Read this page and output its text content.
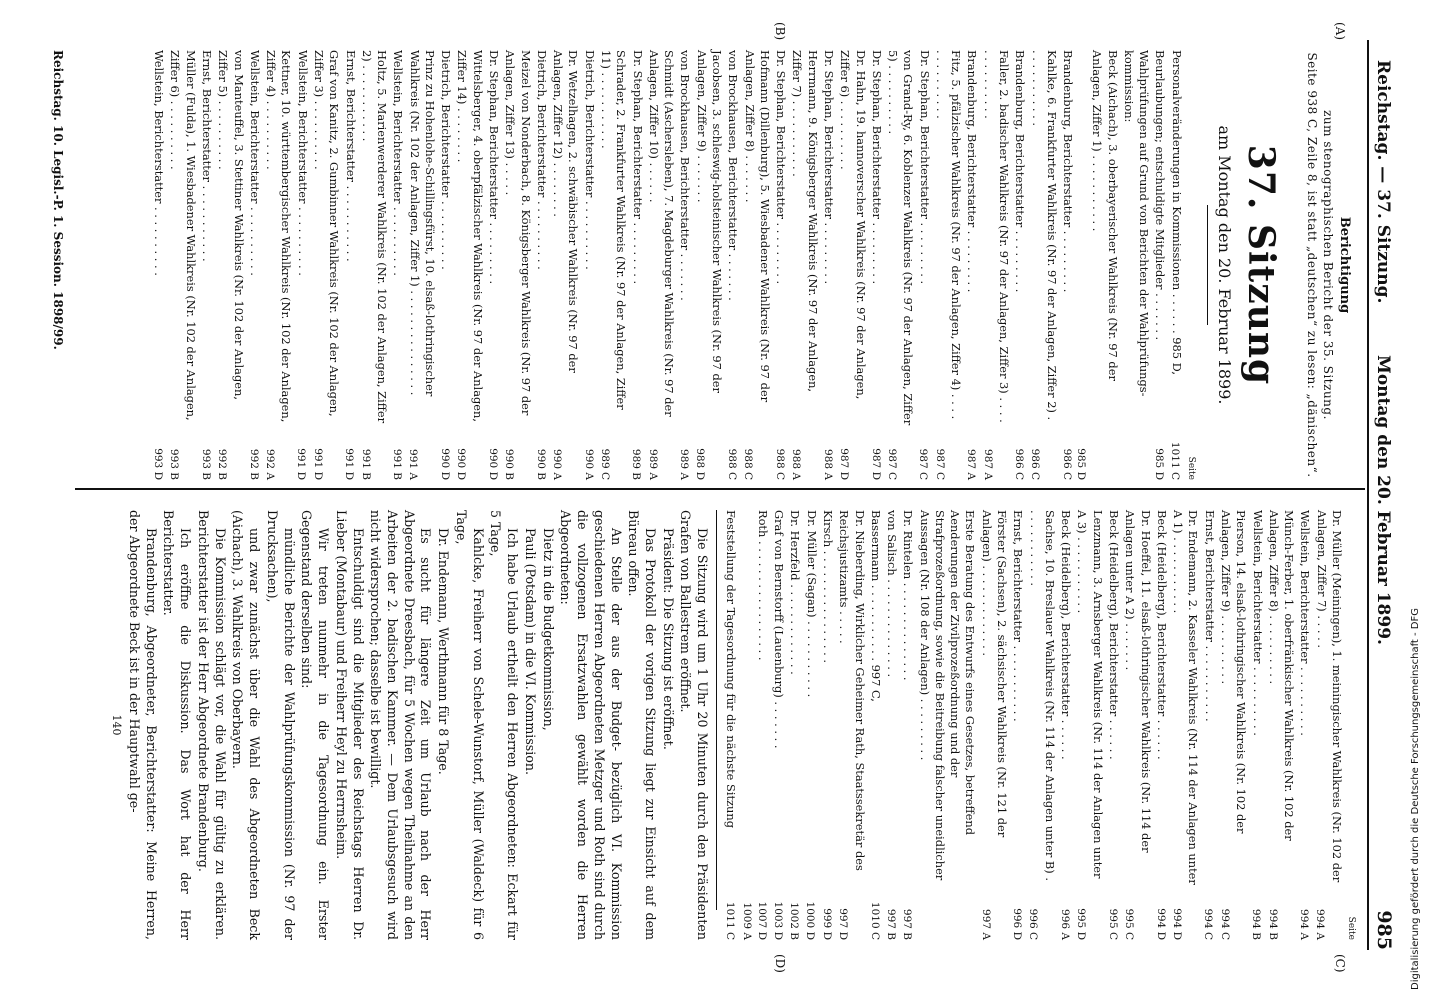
Reichstag. — 37. Sitzung.
Montag den 20. Februar 1899.
985
(A)
(B)
(C)
(D)
Berichtigung
zum stenographischen Bericht der 35. Sitzung.
Seite 938 C, Zeile 8, ist statt „deutschen“ zu lesen: „dänischen“.
37. Sitzung
am Montag den 20. Februar 1899.
Seite
Personalveränderungen in Kommissionen . . . . . . 985 D,
1011 C
Beurlaubungen; entschuldigte Mitglieder . . . . . . .
985 D
Wahlprüfungen auf Grund von Berichten der Wahlprüfungs-kommission:
Beck (Aichach), 3. oberbayerischer Wahlkreis (Nr. 97 der Anlagen, Ziffer 1) . . . . . . . . . . .
Brandenburg, Berichterstatter . . . . . . . . .
985 D
986 C
Kahlke, 6. Frankfurter Wahlkreis (Nr. 97 der Anlagen, Ziffer 2) . . . . . . . . . . . .
986 C
Brandenburg, Berichterstatter . . . . . . . . .
986 C
Faller, 2. badischer Wahlkreis (Nr. 97 der Anlagen, Ziffer 3) . . . . . . . . . . . . . .
987 A
Brandenburg, Berichterstatter . . . . . . . . .
987 A
Fitz, 5. pfälzischer Wahlkreis (Nr. 97 der Anlagen, Ziffer 4) . . . . . . . . . . . . . .
987 C
Dr. Stephan, Berichterstatter . . . . . . . . .
987 C
von Grand-Ry, 6. Koblenzer Wahlkreis (Nr. 97 der Anlagen, Ziffer 5) . . . . . . . . . .
987 C
Dr. Stephan, Berichterstatter . . . . . . . . .
987 D
Dr. Hahn, 19. hannoverscher Wahlkreis (Nr. 97 der Anlagen, Ziffer 6) . . . . . . . . . .
987 D
Dr. Stephan, Berichterstatter . . . . . . . . .
988 A
Herrmann, 9. Königsberger Wahlkreis (Nr. 97 der Anlagen, Ziffer 7) . . . . . . . . . . .
988 A
Dr. Stephan, Berichterstatter . . . . . . . . .
988 C
Hofmann (Dillenburg), 5. Wiesbadener Wahlkreis (Nr. 97 der Anlagen, Ziffer 8) . . . . . . .
988 C
von Brockhausen, Berichterstatter . . . . . . .
988 C
Jacobsen, 3. schleswig-holsteinischer Wahlkreis (Nr. 97 der Anlagen, Ziffer 9) . . . . . . .
988 D
von Brockhausen, Berichterstatter . . . . . . .
989 A
Schmidt (Aschersleben), 7. Magdeburger Wahlkreis (Nr. 97 der Anlagen, Ziffer 10) . . . . . .
989 A
Dr. Stephan, Berichterstatter . . . . . . . . .
989 B
Schrader, 2. Frankfurter Wahlkreis (Nr. 97 der Anlagen, Ziffer 11) . . . . . . . . . . .
989 C
Dietrich, Berichterstatter . . . . . . . . . .
990 A
Dr. Wetzelhagen, 2. schwäbischer Wahlkreis (Nr. 97 der Anlagen, Ziffer 12) . . . . . . . .
990 A
Dietrich, Berichterstatter . . . . . . . . . .
990 B
Meizel von Nonderbach, 8. Königsberger Wahlkreis (Nr. 97 der Anlagen, Ziffer 13) . . . . .
990 B
Dr. Stephan, Berichterstatter . . . . . . . . .
990 D
Wittelsberger, 4. oberpfälzischer Wahlkreis (Nr. 97 der Anlagen, Ziffer 14) . . . . . . . .
990 D
Dietrich, Berichterstatter . . . . . . . . . .
990 D
Prinz zu Hohenlohe-Schillingsfürst, 10. elsaß-lothringischer Wahlkreis (Nr. 102 der Anlagen, Ziffer 1) . . . . . . . . . . . . . . .
991 A
Wellstein, Berichterstatter . . . . . . . . . .
991 B
Holtz, 5. Marienwerderer Wahlkreis (Nr. 102 der Anlagen, Ziffer 2) . . . . . . . . . . .
991 B
Ernst, Berichterstatter . . . . . . . . . . .
991 D
Graf von Kanitz, 2. Gumbinner Wahlkreis (Nr. 102 der Anlagen, Ziffer 3) . . . . . . . . . .
991 D
Wellstein, Berichterstatter . . . . . . . . . .
991 D
Kettner, 10. württembergischer Wahlkreis (Nr. 102 der Anlagen, Ziffer 4) . . . . . . . . . .
992 A
Wellstein, Berichterstatter . . . . . . . . . .
992 B
von Manteuffel, 3. Stettiner Wahlkreis (Nr. 102 der Anlagen, Ziffer 5) . . . . . . . . . .
992 B
Ernst, Berichterstatter . . . . . . . . . . .
993 B
Müller (Fulda), 1. Wiesbadener Wahlkreis (Nr. 102 der Anlagen, Ziffer 6) . . . . . . . . . .
993 B
Wellstein, Berichterstatter . . . . . . . . . .
993 D
Seite
Dr. Müller (Meiningen), 1. meiningischer Wahlkreis (Nr. 102 der Anlagen, Ziffer 7) . . . . .
994 A
Wellstein, Berichterstatter . . . . . . . . . .
994 A
Münch-Ferber, 1. oberfränkischer Wahlkreis (Nr. 102 der Anlagen, Ziffer 8) . . . . . . . . . .
994 B
Wellstein, Berichterstatter . . . . . . . . . .
994 B
Pierson, 14. elsaß-lothringischer Wahlkreis (Nr. 102 der Anlagen, Ziffer 9) . . . . . . . . . .
994 C
Ernst, Berichterstatter . . . . . . . . . . .
994 C
Dr. Endemann, 2. Kasseler Wahlkreis (Nr. 114 der Anlagen unter A 1) . . . . . . . . . . .
994 D
Beck (Heidelberg), Berichterstatter . . . . . .
994 D
Dr. Hoeffel, 11. elsaß-lothringischer Wahlkreis (Nr. 114 der Anlagen unter A 2) . . . . . . .
995 C
Beck (Heidelberg), Berichterstatter . . . . . .
995 C
Lenzmann, 3. Arnsberger Wahlkreis (Nr. 114 der Anlagen unter A 3) . . . . . . . . . . .
995 D
Beck (Heidelberg), Berichterstatter . . . . . .
996 A
Sachse, 10. Breslauer Wahlkreis (Nr. 114 der Anlagen unter B) . . . . . . . . . . . .
996 C
Ernst, Berichterstatter . . . . . . . . . . .
996 D
Förster (Sachsen), 2. sächsischer Wahlkreis (Nr. 121 der Anlagen) . . . . . . . . . . . . .
997 A
Erste Beratung des Entwurfs eines Gesetzes, betreffend Aenderungen der Zivilprozeßordnung und der Strafprozeßordnung, sowie die Beitreibung falscher uneidlicher Aussagen (Nr. 108 der Anlagen) . . . . . . . . .
Dr. Rintelen . . . . . . . . . . . . . .
997 B
von Salisch . . . . . . . . . . . . . .
997 B
Bassermann . . . . . . . . . . . 997 C,
1010 C
Dr. Nieberding, Wirklicher Geheimer Rath, Staatssekretär des Reichsjustizamts . . . . .
997 D
Kirsch . . . . . . . . . . . . . . . .
999 D
Dr. Müller (Sagan) . . . . . . . . . . .
1000 D
Dr. Herzfeld . . . . . . . . . . . . .
1002 B
Graf von Bernstorff (Lauenburg) . . . . . . .
1003 D
Roth . . . . . . . . . . . . . . . . .
1007 D
1009 A
Feststellung der Tagesordnung für die nächste Sitzung
1011 C
Die Sitzung wird um 1 Uhr 20 Minuten durch den Präsidenten Grafen von Ballestrem eröffnet.
Präsident: Die Sitzung ist eröffnet.
Das Protokoll der vorigen Sitzung liegt zur Einsicht auf dem Büreau offen.
An Stelle der aus der Budget- bezüglich VI. Kommission geschiedenen Herren Abgeordneten Metzger und Roth sind durch die vollzogenen Ersatzwahlen gewählt worden die Herren Abgeordneten:
Dietz in die Budgetkommission,
Pauli (Potsdam) in die VI. Kommission.
Ich habe Urlaub ertheilt den Herren Abgeordneten: Eckart für 5 Tage,
Kahlcke, Freiherr von Schele-Wunstorf, Müller (Waldeck) für 6 Tage,
Dr. Endemann, Werthmann für 8 Tage.
Es sucht für längere Zeit um Urlaub nach der Herr Abgeordnete Dreesbach, für 5 Wochen wegen Theilnahme an den Arbeiten der 2. badischen Kammer. — Dem Urlaubsgesuch wird nicht widersprochen; dasselbe ist bewilligt.
Entschuldigt sind die Mitglieder des Reichstags Herren Dr. Lieber (Montabaur) und Freiherr Heyl zu Herrnsheim.
Wir treten nunmehr in die Tagesordnung ein. Erster Gegenstand derselben sind:
mündliche Berichte der Wahlprüfungskommission (Nr. 97 der Drucksachen),
und zwar zunächst über die Wahl des Abgeordneten Beck (Aichach), 3. Wahlkreis von Oberbayern.
Die Kommission schlägt vor, die Wahl für gültig zu erklären. Berichterstatter ist der Herr Abgeordnete Brandenburg.
Ich eröffne die Diskussion. Das Wort hat der Herr Berichterstatter.
Brandenburg, Abgeordneter, Berichterstatter: Meine Herren, der Abgeordnete Beck ist in der Hauptwahl ge-
140
Reichstag. 10. Legisl.-P. 1. Session. 1898/99.
Digitalisierung gefördert durch die Deutsche Forschungsgemeinschaft - DFG
